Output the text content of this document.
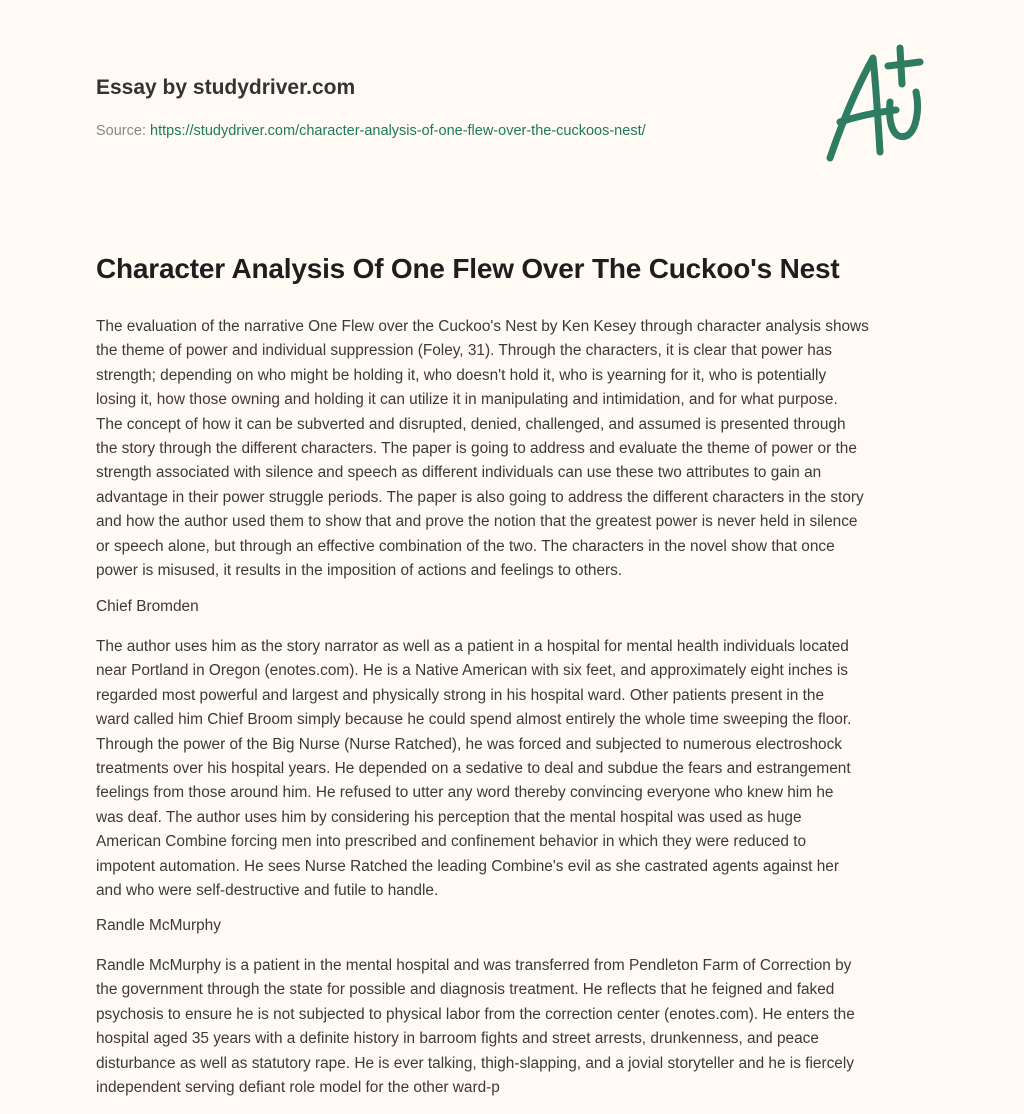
Essay by studydriver.com
Source: https://studydriver.com/character-analysis-of-one-flew-over-the-cuckoos-nest/
Character Analysis Of One Flew Over The Cuckoo's Nest
The evaluation of the narrative One Flew over the Cuckoo's Nest by Ken Kesey through character analysis shows
the theme of power and individual suppression (Foley, 31). Through the characters, it is clear that power has
strength; depending on who might be holding it, who doesn't hold it, who is yearning for it, who is potentially
losing it, how those owning and holding it can utilize it in manipulating and intimidation, and for what purpose.
The concept of how it can be subverted and disrupted, denied, challenged, and assumed is presented through
the story through the different characters. The paper is going to address and evaluate the theme of power or the
strength associated with silence and speech as different individuals can use these two attributes to gain an
advantage in their power struggle periods. The paper is also going to address the different characters in the story
and how the author used them to show that and prove the notion that the greatest power is never held in silence
or speech alone, but through an effective combination of the two. The characters in the novel show that once
power is misused, it results in the imposition of actions and feelings to others.
Chief Bromden
The author uses him as the story narrator as well as a patient in a hospital for mental health individuals located
near Portland in Oregon (enotes.com). He is a Native American with six feet, and approximately eight inches is
regarded most powerful and largest and physically strong in his hospital ward. Other patients present in the
ward called him Chief Broom simply because he could spend almost entirely the whole time sweeping the floor.
Through the power of the Big Nurse (Nurse Ratched), he was forced and subjected to numerous electroshock
treatments over his hospital years. He depended on a sedative to deal and subdue the fears and estrangement
feelings from those around him. He refused to utter any word thereby convincing everyone who knew him he
was deaf. The author uses him by considering his perception that the mental hospital was used as huge
American Combine forcing men into prescribed and confinement behavior in which they were reduced to
impotent automation. He sees Nurse Ratched the leading Combine's evil as she castrated agents against her
and who were self-destructive and futile to handle.
Randle McMurphy
Randle McMurphy is a patient in the mental hospital and was transferred from Pendleton Farm of Correction by
the government through the state for possible and diagnosis treatment. He reflects that he feigned and faked
psychosis to ensure he is not subjected to physical labor from the correction center (enotes.com). He enters the
hospital aged 35 years with a definite history in barroom fights and street arrests, drunkenness, and peace
disturbance as well as statutory rape. He is ever talking, thigh-slapping, and a jovial storyteller and he is fiercely
independent serving defiant role model for the other ward-p
